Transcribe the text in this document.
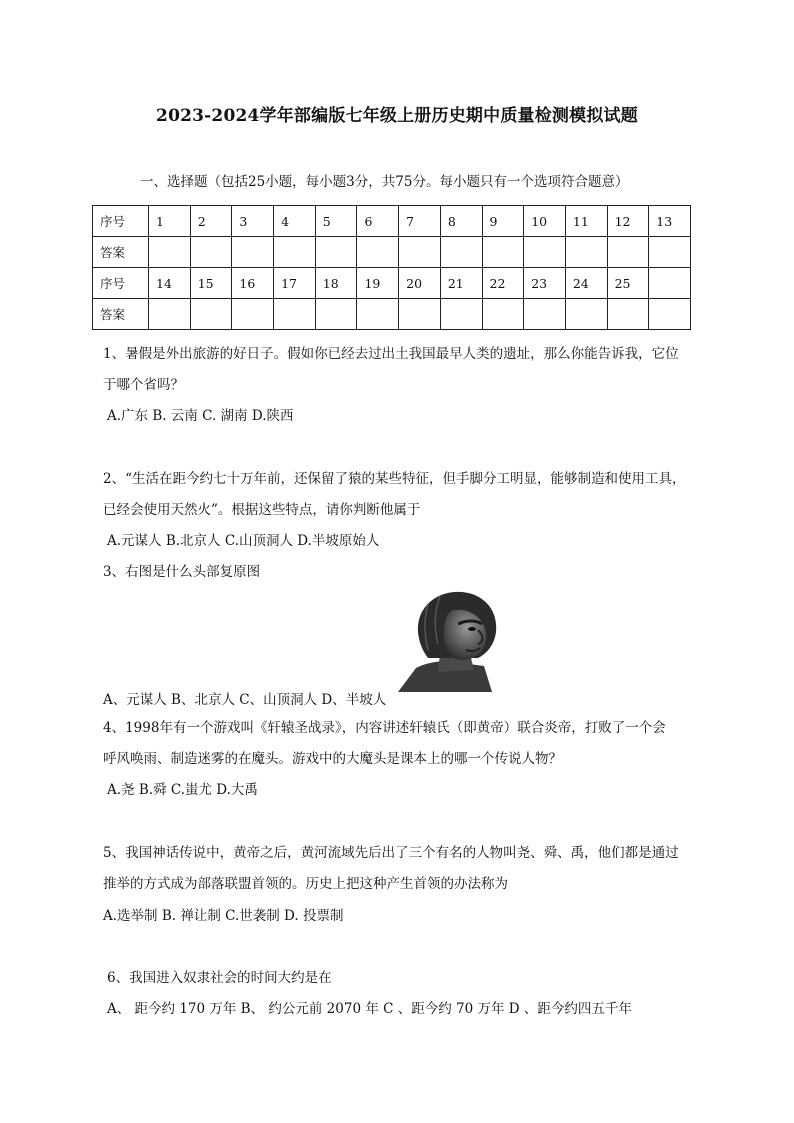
2023-2024学年部编版七年级上册历史期中质量检测模拟试题
一、选择题（包括25小题，每小题3分，共75分。每小题只有一个选项符合题意）
序号	1	2	3	4	5	6	7	8	9	10	11	12	13
答案													
序号	14	15	16	17	18	19	20	21	22	23	24	25	
答案													
1、暑假是外出旅游的好日子。假如你已经去过出土我国最早人类的遗址，那么你能告诉我，它位
于哪个省吗？
A.广东 B. 云南 C. 湖南 D.陕西
2、“生活在距今约七十万年前，还保留了猿的某些特征，但手脚分工明显，能够制造和使用工具，
已经会使用天然火”。根据这些特点，请你判断他属于
A.元谋人 B.北京人 C.山顶洞人 D.半坡原始人
3、右图是什么头部复原图
A、元谋人 B、北京人 C、山顶洞人 D、半坡人
4、1998年有一个游戏叫《轩辕圣战录》，内容讲述轩辕氏（即黄帝）联合炎帝，打败了一个会
呼风唤雨、制造迷雾的在魔头。游戏中的大魔头是课本上的哪一个传说人物？
A.尧 B.舜 C.蚩尤 D.大禹
5、我国神话传说中，黄帝之后，黄河流域先后出了三个有名的人物叫尧、舜、禹，他们都是通过
推举的方式成为部落联盟首领的。历史上把这种产生首领的办法称为
A.选举制 B. 禅让制 C.世袭制 D. 投票制
6、我国进入奴隶社会的时间大约是在
A、 距今约 170 万年 B、 约公元前 2070 年 C 、距今约 70 万年 D 、距今约四五千年
